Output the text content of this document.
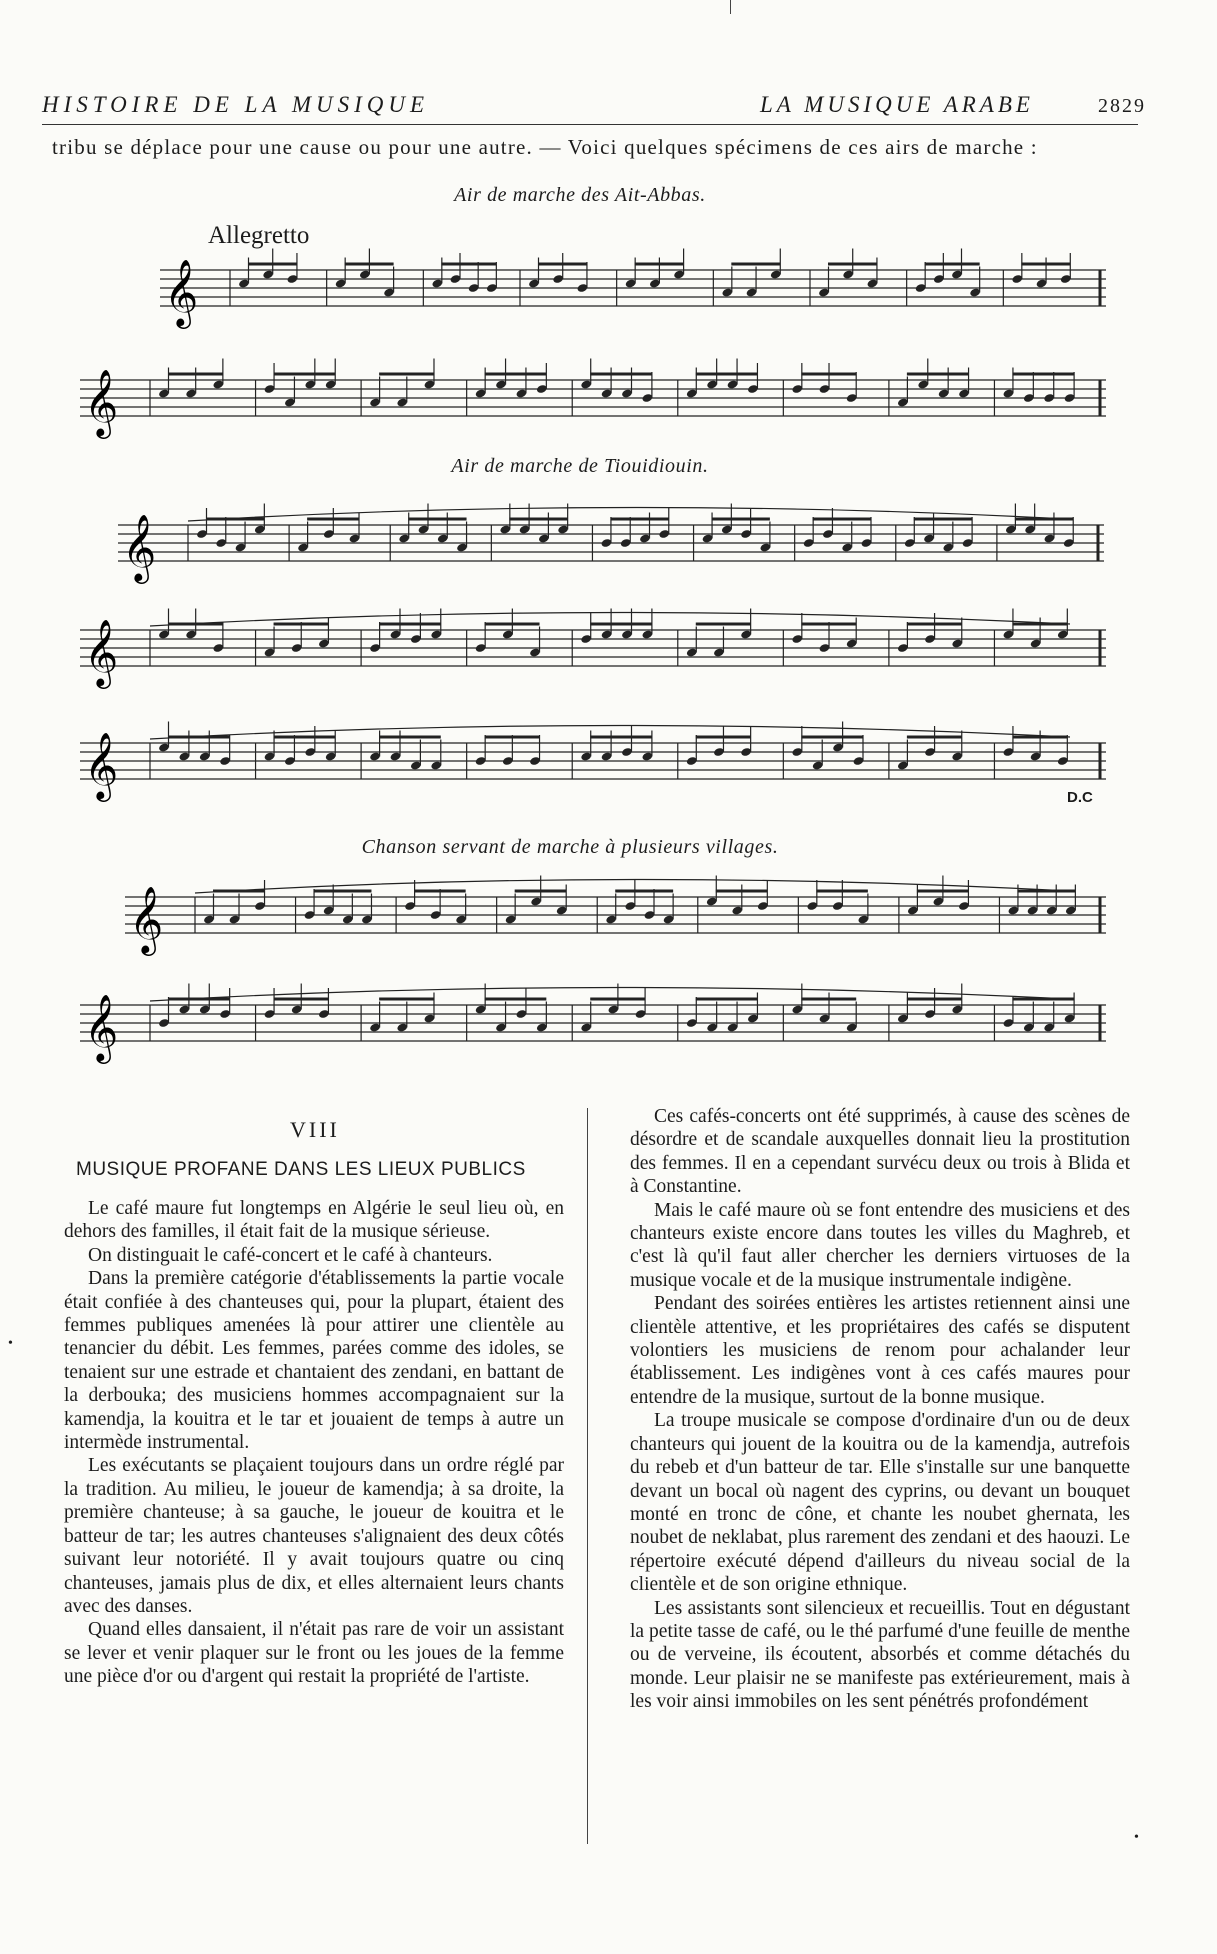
HISTOIRE DE LA MUSIQUE	LA MUSIQUE ARABE	2829
tribu se déplace pour une cause ou pour une autre. — Voici quelques spécimens de ces airs de marche :
Air de marche des Ait-Abbas.
Allegretto
𝄞
𝄞
Air de marche de Tiouidiouin.
𝄞
𝄞
𝄞	D.C
Chanson servant de marche à plusieurs villages.
𝄞
𝄞
VIII
MUSIQUE PROFANE DANS LES LIEUX PUBLICS

Le café maure fut longtemps en Algérie le seul lieu où, en dehors des familles, il était fait de la musique sérieuse.

On distinguait le café-concert et le café à chanteurs.

Dans la première catégorie d'établissements la partie vocale était confiée à des chanteuses qui, pour la plupart, étaient des femmes publiques amenées là pour attirer une clientèle au tenancier du débit. Les femmes, parées comme des idoles, se tenaient sur une estrade et chantaient des zendani, en battant de la derbouka; des musiciens hommes accompagnaient sur la kamendja, la kouitra et le tar et jouaient de temps à autre un intermède instrumental.

Les exécutants se plaçaient toujours dans un ordre réglé par la tradition. Au milieu, le joueur de kamendja; à sa droite, la première chanteuse; à sa gauche, le joueur de kouitra et le batteur de tar; les autres chanteuses s'alignaient des deux côtés suivant leur notoriété. Il y avait toujours quatre ou cinq chanteuses, jamais plus de dix, et elles alternaient leurs chants avec des danses.

Quand elles dansaient, il n'était pas rare de voir un assistant se lever et venir plaquer sur le front ou les joues de la femme une pièce d'or ou d'argent qui restait la propriété de l'artiste.

Ces cafés-concerts ont été supprimés, à cause des scènes de désordre et de scandale auxquelles donnait lieu la prostitution des femmes. Il en a cependant survécu deux ou trois à Blida et à Constantine.

Mais le café maure où se font entendre des musiciens et des chanteurs existe encore dans toutes les villes du Maghreb, et c'est là qu'il faut aller chercher les derniers virtuoses de la musique vocale et de la musique instrumentale indigène.

Pendant des soirées entières les artistes retiennent ainsi une clientèle attentive, et les propriétaires des cafés se disputent volontiers les musiciens de renom pour achalander leur établissement. Les indigènes vont à ces cafés maures pour entendre de la musique, surtout de la bonne musique.

La troupe musicale se compose d'ordinaire d'un ou de deux chanteurs qui jouent de la kouitra ou de la kamendja, autrefois du rebeb et d'un batteur de tar. Elle s'installe sur une banquette devant un bocal où nagent des cyprins, ou devant un bouquet monté en tronc de cône, et chante les noubet ghernata, les noubet de neklabat, plus rarement des zendani et des haouzi. Le répertoire exécuté dépend d'ailleurs du niveau social de la clientèle et de son origine ethnique.

Les assistants sont silencieux et recueillis. Tout en dégustant la petite tasse de café, ou le thé parfumé d'une feuille de menthe ou de verveine, ils écoutent, absorbés et comme détachés du monde. Leur plaisir ne se manifeste pas extérieurement, mais à les voir ainsi immobiles on les sent pénétrés profondément

•
•
